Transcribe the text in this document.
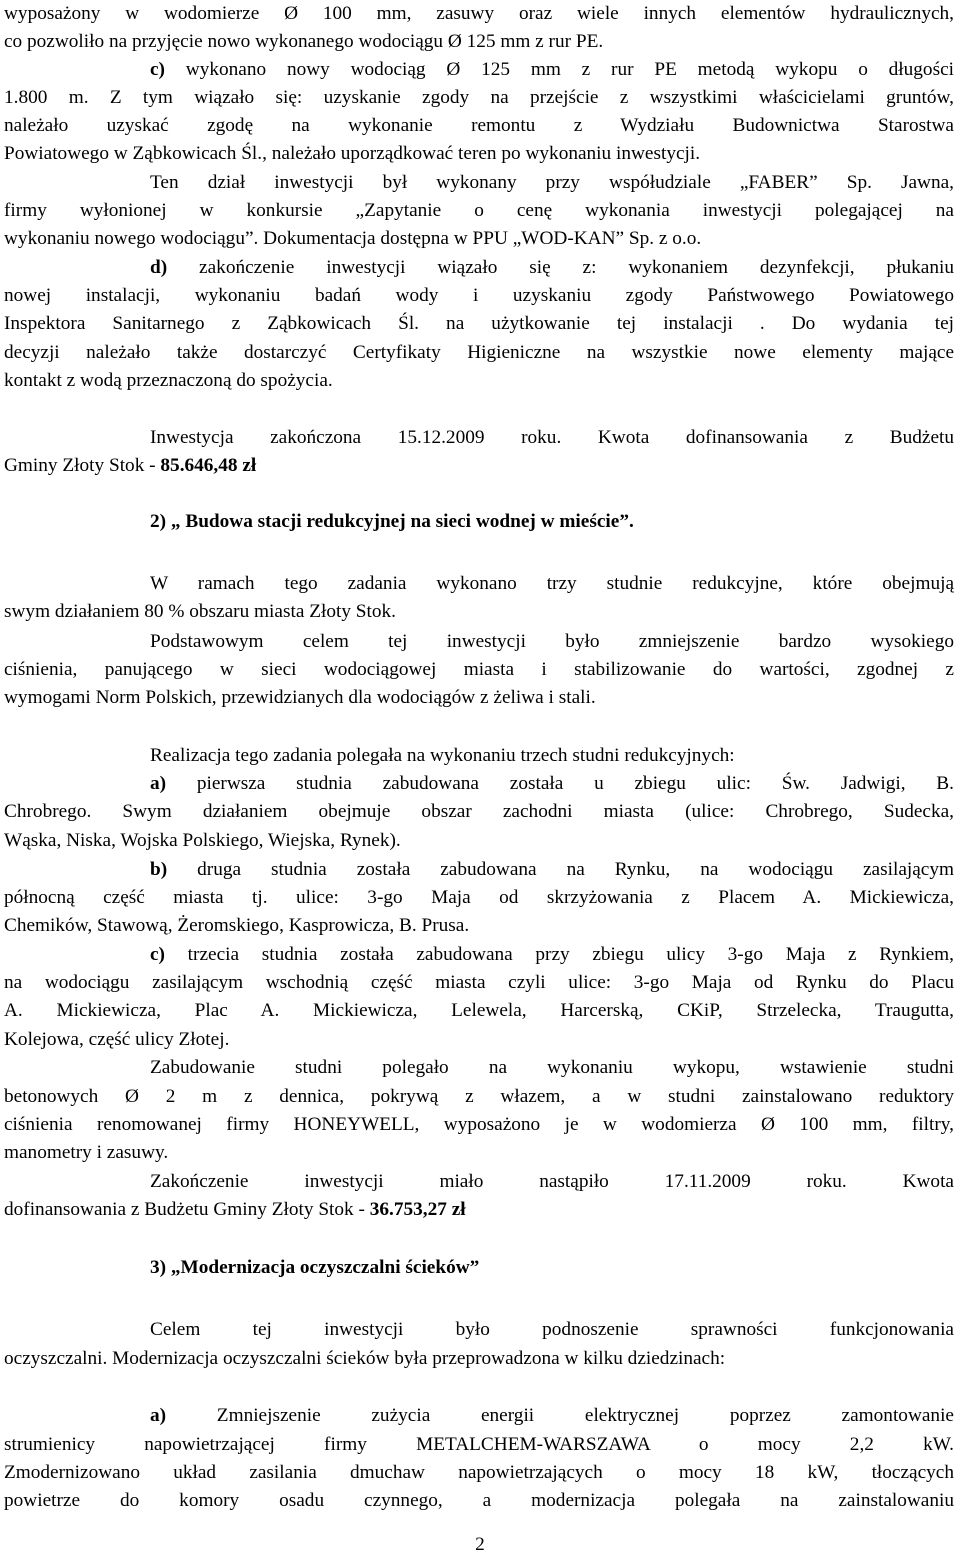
wyposażony w wodomierze Ø 100 mm, zasuwy oraz wiele innych elementów hydraulicznych,
co pozwoliło na przyjęcie nowo wykonanego wodociągu Ø 125 mm z rur PE.
c) wykonano nowy wodociąg Ø 125 mm z rur PE metodą wykopu o długości
1.800 m. Z tym wiązało się: uzyskanie zgody na przejście z wszystkimi właścicielami gruntów,
należało uzyskać zgodę na wykonanie remontu z Wydziału Budownictwa Starostwa
Powiatowego w Ząbkowicach Śl., należało uporządkować teren po wykonaniu inwestycji.
Ten dział inwestycji był wykonany przy współudziale „FABER” Sp. Jawna,
firmy wyłonionej w konkursie „Zapytanie o cenę wykonania inwestycji polegającej na
wykonaniu nowego wodociągu”. Dokumentacja dostępna w PPU „WOD-KAN” Sp. z o.o.
d) zakończenie inwestycji wiązało się z: wykonaniem dezynfekcji, płukaniu
nowej instalacji, wykonaniu badań wody i uzyskaniu zgody Państwowego Powiatowego
Inspektora Sanitarnego z Ząbkowicach Śl. na użytkowanie tej instalacji . Do wydania tej
decyzji należało także dostarczyć Certyfikaty Higieniczne na wszystkie nowe elementy mające
kontakt z wodą przeznaczoną do spożycia.
Inwestycja zakończona 15.12.2009 roku. Kwota dofinansowania z Budżetu
Gminy Złoty Stok - 85.646,48 zł
2) „ Budowa stacji redukcyjnej na sieci wodnej w mieście”.
W ramach tego zadania wykonano trzy studnie redukcyjne, które obejmują
swym działaniem 80 % obszaru miasta Złoty Stok.
Podstawowym celem tej inwestycji było zmniejszenie bardzo wysokiego
ciśnienia, panującego w sieci wodociągowej miasta i stabilizowanie do wartości, zgodnej z
wymogami Norm Polskich, przewidzianych dla wodociągów z żeliwa i stali.
Realizacja tego zadania polegała na wykonaniu trzech studni redukcyjnych:
a) pierwsza studnia zabudowana została u zbiegu ulic: Św. Jadwigi, B.
Chrobrego. Swym działaniem obejmuje obszar zachodni miasta (ulice: Chrobrego, Sudecka,
Wąska, Niska, Wojska Polskiego, Wiejska, Rynek).
b) druga studnia została zabudowana na Rynku, na wodociągu zasilającym
północną część miasta tj. ulice: 3-go Maja od skrzyżowania z Placem A. Mickiewicza,
Chemików, Stawową, Żeromskiego, Kasprowicza, B. Prusa.
c) trzecia studnia została zabudowana przy zbiegu ulicy 3-go Maja z Rynkiem,
na wodociągu zasilającym wschodnią część miasta czyli ulice: 3-go Maja od Rynku do Placu
A. Mickiewicza, Plac A. Mickiewicza, Lelewela, Harcerską, CKiP, Strzelecka, Traugutta,
Kolejowa, część ulicy Złotej.
Zabudowanie studni polegało na wykonaniu wykopu, wstawienie studni
betonowych Ø 2 m z dennica, pokrywą z włazem, a w studni zainstalowano reduktory
ciśnienia renomowanej firmy HONEYWELL, wyposażono je w wodomierza Ø 100 mm, filtry,
manometry i zasuwy.
Zakończenie inwestycji miało nastąpiło 17.11.2009 roku. Kwota
dofinansowania z Budżetu Gminy Złoty Stok - 36.753,27 zł
3) „Modernizacja oczyszczalni ścieków”
Celem tej inwestycji było podnoszenie sprawności funkcjonowania
oczyszczalni. Modernizacja oczyszczalni ścieków była przeprowadzona w kilku dziedzinach:
a) Zmniejszenie zużycia energii elektrycznej poprzez zamontowanie
strumienicy napowietrzającej firmy METALCHEM-WARSZAWA o mocy 2,2 kW.
Zmodernizowano układ zasilania dmuchaw napowietrzających o mocy 18 kW, tłoczących
powietrze do komory osadu czynnego, a modernizacja polegała na zainstalowaniu
2
